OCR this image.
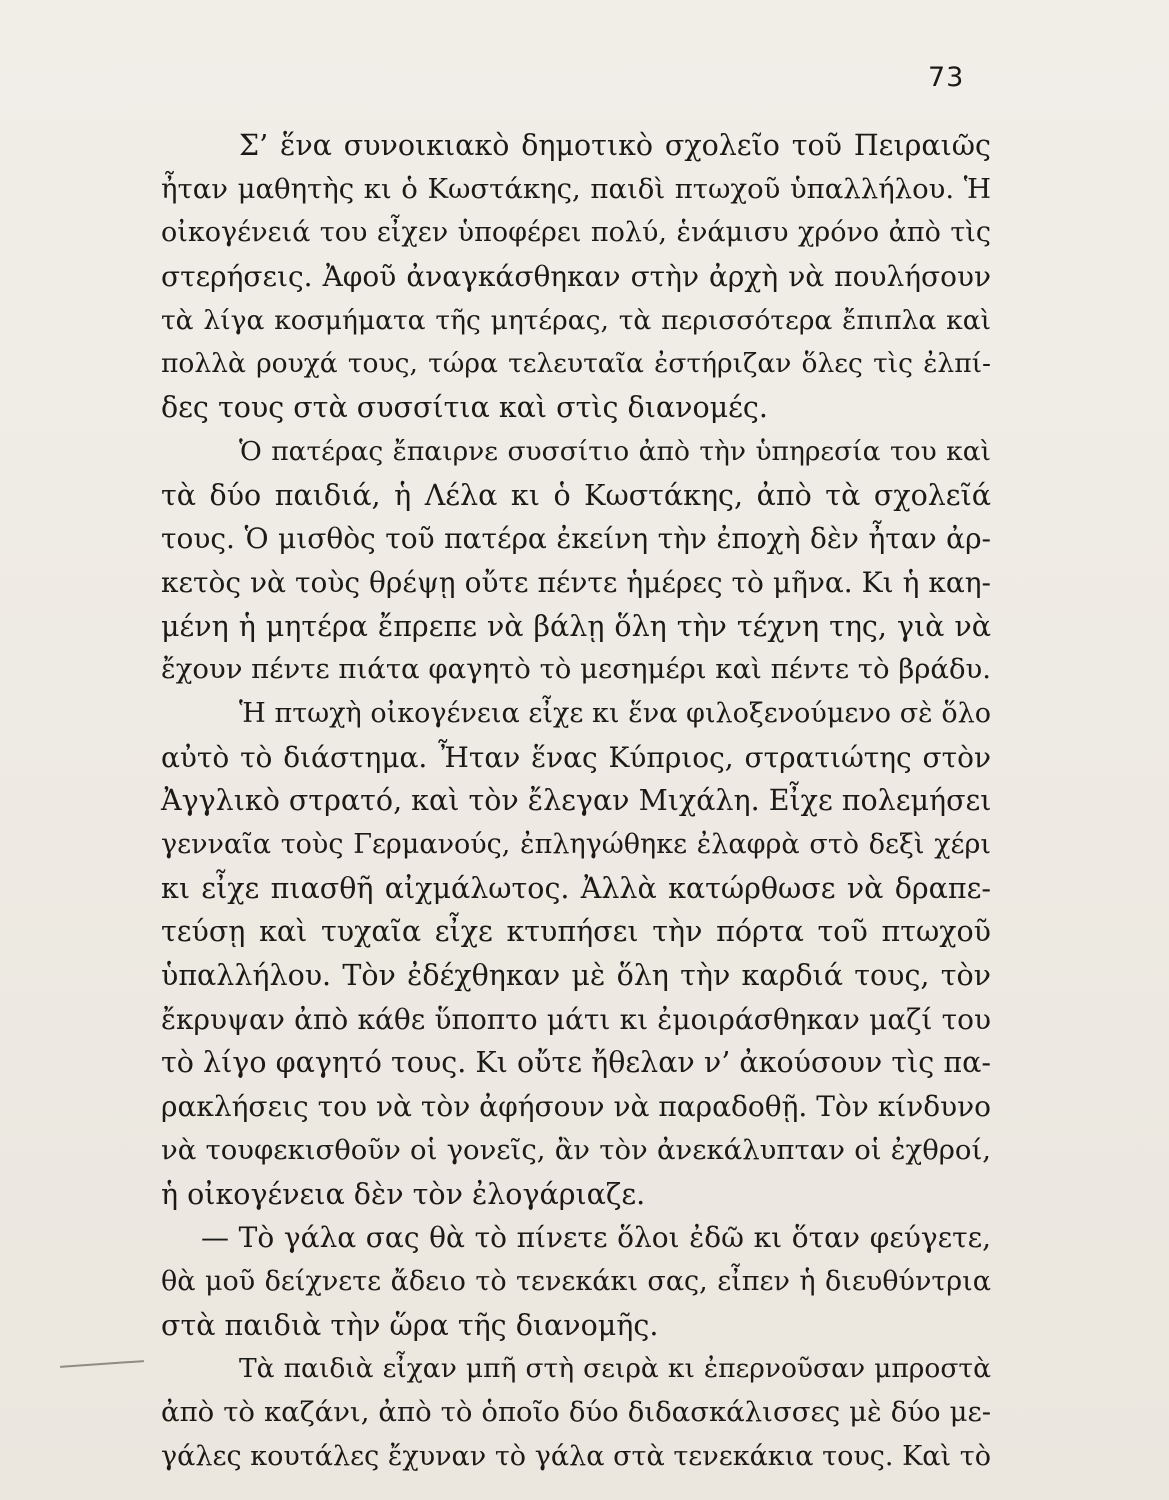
73
Σ’ ἕνα συνοικιακὸ δημοτικὸ σχολεῖο τοῦ Πειραιῶς
ἦταν μαθητὴς κι ὁ Κωστάκης, παιδὶ πτωχοῦ ὑπαλλήλου. Ἡ
οἰκογένειά του εἶχεν ὑποφέρει πολύ, ἑνάμισυ χρόνο ἀπὸ τὶς
στερήσεις. Ἀφοῦ ἀναγκάσθηκαν στὴν ἀρχὴ νὰ πουλήσουν
τὰ λίγα κοσμήματα τῆς μητέρας, τὰ περισσότερα ἔπιπλα καὶ
πολλὰ ρουχά τους, τώρα τελευταῖα ἐστήριζαν ὅλες τὶς ἐλπί-
δες τους στὰ συσσίτια καὶ στὶς διανομές.
Ὁ πατέρας ἔπαιρνε συσσίτιο ἀπὸ τὴν ὑπηρεσία του καὶ
τὰ δύο παιδιά, ἡ Λέλα κι ὁ Κωστάκης, ἀπὸ τὰ σχολεῖά
τους. Ὁ μισθὸς τοῦ πατέρα ἐκείνη τὴν ἐποχὴ δὲν ἦταν ἀρ-
κετὸς νὰ τοὺς θρέψῃ οὔτε πέντε ἡμέρες τὸ μῆνα. Κι ἡ καη-
μένη ἡ μητέρα ἔπρεπε νὰ βάλῃ ὅλη τὴν τέχνη της, γιὰ νὰ
ἔχουν πέντε πιάτα φαγητὸ τὸ μεσημέρι καὶ πέντε τὸ βράδυ.
Ἡ πτωχὴ οἰκογένεια εἶχε κι ἕνα φιλοξενούμενο σὲ ὅλο
αὐτὸ τὸ διάστημα. Ἦταν ἕνας Κύπριος, στρατιώτης στὸν
Ἀγγλικὸ στρατό, καὶ τὸν ἔλεγαν Μιχάλη. Εἶχε πολεμήσει
γενναῖα τοὺς Γερμανούς, ἐπληγώθηκε ἐλαφρὰ στὸ δεξὶ χέρι
κι εἶχε πιασθῆ αἰχμάλωτος. Ἀλλὰ κατώρθωσε νὰ δραπε-
τεύσῃ καὶ τυχαῖα εἶχε κτυπήσει τὴν πόρτα τοῦ πτωχοῦ
ὑπαλλήλου. Τὸν ἐδέχθηκαν μὲ ὅλη τὴν καρδιά τους, τὸν
ἔκρυψαν ἀπὸ κάθε ὕποπτο μάτι κι ἐμοιράσθηκαν μαζί του
τὸ λίγο φαγητό τους. Κι οὔτε ἤθελαν ν’ ἀκούσουν τὶς πα-
ρακλήσεις του νὰ τὸν ἀφήσουν νὰ παραδοθῇ. Τὸν κίνδυνο
νὰ τουφεκισθοῦν οἱ γονεῖς, ἂν τὸν ἀνεκάλυπταν οἱ ἐχθροί,
ἡ οἰκογένεια δὲν τὸν ἐλογάριαζε.
— Τὸ γάλα σας θὰ τὸ πίνετε ὅλοι ἐδῶ κι ὅταν φεύγετε,
θὰ μοῦ δείχνετε ἄδειο τὸ τενεκάκι σας, εἶπεν ἡ διευθύντρια
στὰ παιδιὰ τὴν ὥρα τῆς διανομῆς.
Τὰ παιδιὰ εἶχαν μπῆ στὴ σειρὰ κι ἐπερνοῦσαν μπροστὰ
ἀπὸ τὸ καζάνι, ἀπὸ τὸ ὁποῖο δύο διδασκάλισσες μὲ δύο με-
γάλες κουτάλες ἔχυναν τὸ γάλα στὰ τενεκάκια τους. Καὶ τὸ
